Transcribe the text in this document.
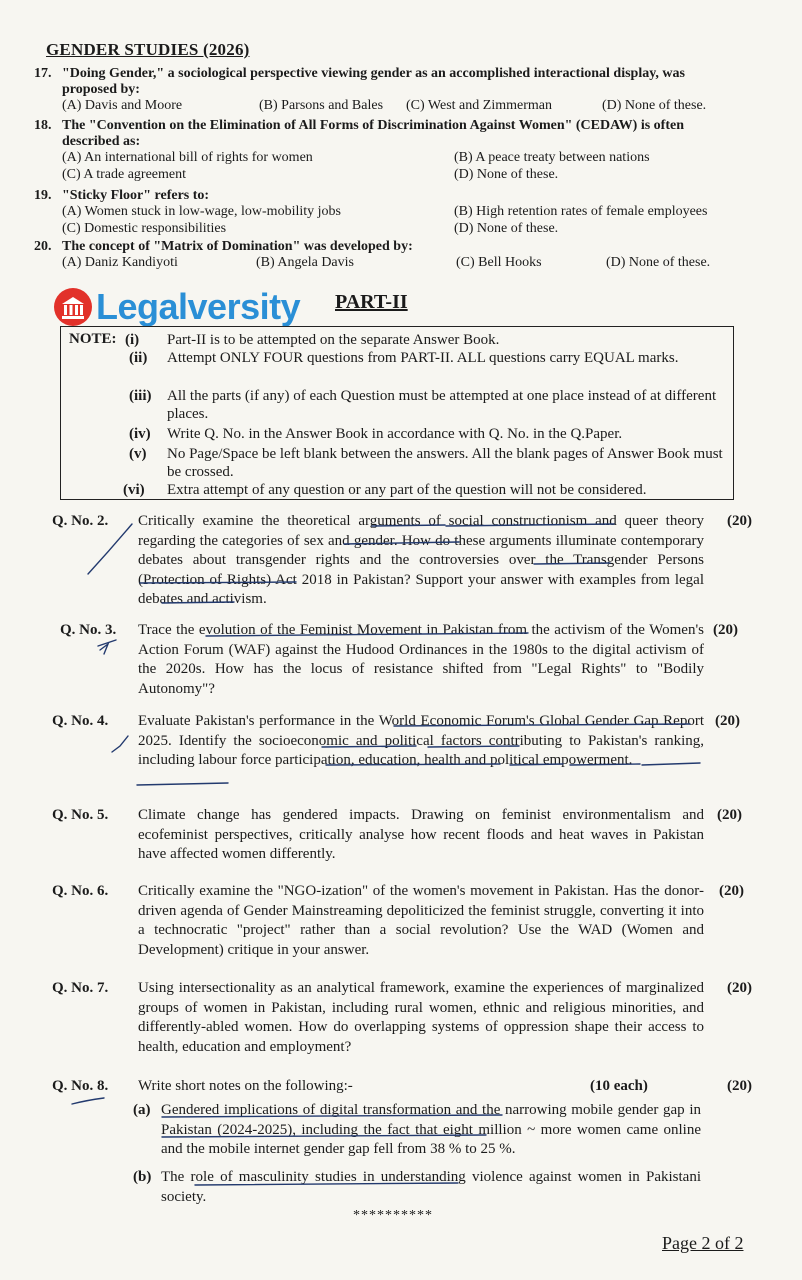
GENDER STUDIES (2026)
17. "Doing Gender," a sociological perspective viewing gender as an accomplished interactional display, was
proposed by:
(A) Davis and Moore	(B) Parsons and Bales (C) West and Zimmerman	(D) None of these.
18. The "Convention on the Elimination of All Forms of Discrimination Against Women" (CEDAW) is often
described as:
(A) An international bill of rights for women	(B) A peace treaty between nations
(C) A trade agreement	(D) None of these.
19. "Sticky Floor" refers to:
(A) Women stuck in low-wage, low-mobility jobs	(B) High retention rates of female employees
(C) Domestic responsibilities	(D) None of these.
20. The concept of "Matrix of Domination" was developed by:
(A) Daniz Kandiyoti	(B) Angela Davis	(C) Bell Hooks	(D) None of these.
Legalversity PART-II
NOTE: (i) Part-II is to be attempted on the separate Answer Book.
(ii) Attempt ONLY FOUR questions from PART-II. ALL questions carry EQUAL marks.
(iii) All the parts (if any) of each Question must be attempted at one place instead of at different places.
(iv) Write Q. No. in the Answer Book in accordance with Q. No. in the Q.Paper.
(v) No Page/Space be left blank between the answers. All the blank pages of Answer Book must be crossed.
(vi) Extra attempt of any question or any part of the question will not be considered.
Q. No. 2. Critically examine the theoretical arguments of social constructionism and queer theory regarding the categories of sex and gender. How do these arguments illuminate contemporary debates about transgender rights and the controversies over the Transgender Persons (Protection of Rights) Act 2018 in Pakistan? Support your answer with examples from legal debates and activism.
(20)
Q. No. 3. Trace the evolution of the Feminist Movement in Pakistan from the activism of the Women's Action Forum (WAF) against the Hudood Ordinances in the 1980s to the digital activism of the 2020s. How has the locus of resistance shifted from "Legal Rights" to "Bodily Autonomy"?
(20)
Q. No. 4. Evaluate Pakistan's performance in the World Economic Forum's Global Gender Gap Report 2025. Identify the socioeconomic and political factors contributing to Pakistan's ranking, including labour force participation, education, health and political empowerment.
(20)
Q. No. 5. Climate change has gendered impacts. Drawing on feminist environmentalism and ecofeminist perspectives, critically analyse how recent floods and heat waves in Pakistan have affected women differently.
(20)
Q. No. 6. Critically examine the "NGO-ization" of the women's movement in Pakistan. Has the donor-driven agenda of Gender Mainstreaming depoliticized the feminist struggle, converting it into a technocratic "project" rather than a social revolution? Use the WAD (Women and Development) critique in your answer.
(20)
Q. No. 7. Using intersectionality as an analytical framework, examine the experiences of marginalized groups of women in Pakistan, including rural women, ethnic and religious minorities, and differently-abled women. How do overlapping systems of oppression shape their access to health, education and employment?
(20)
Q. No. 8. Write short notes on the following:-	(10 each)	(20)
(a) Gendered implications of digital transformation and the narrowing mobile gender gap in Pakistan (2024-2025), including the fact that eight million ~ more women came online and the mobile internet gender gap fell from 38 % to 25 %.
(b) The role of masculinity studies in understanding violence against women in Pakistani society.
**********
Page 2 of 2
